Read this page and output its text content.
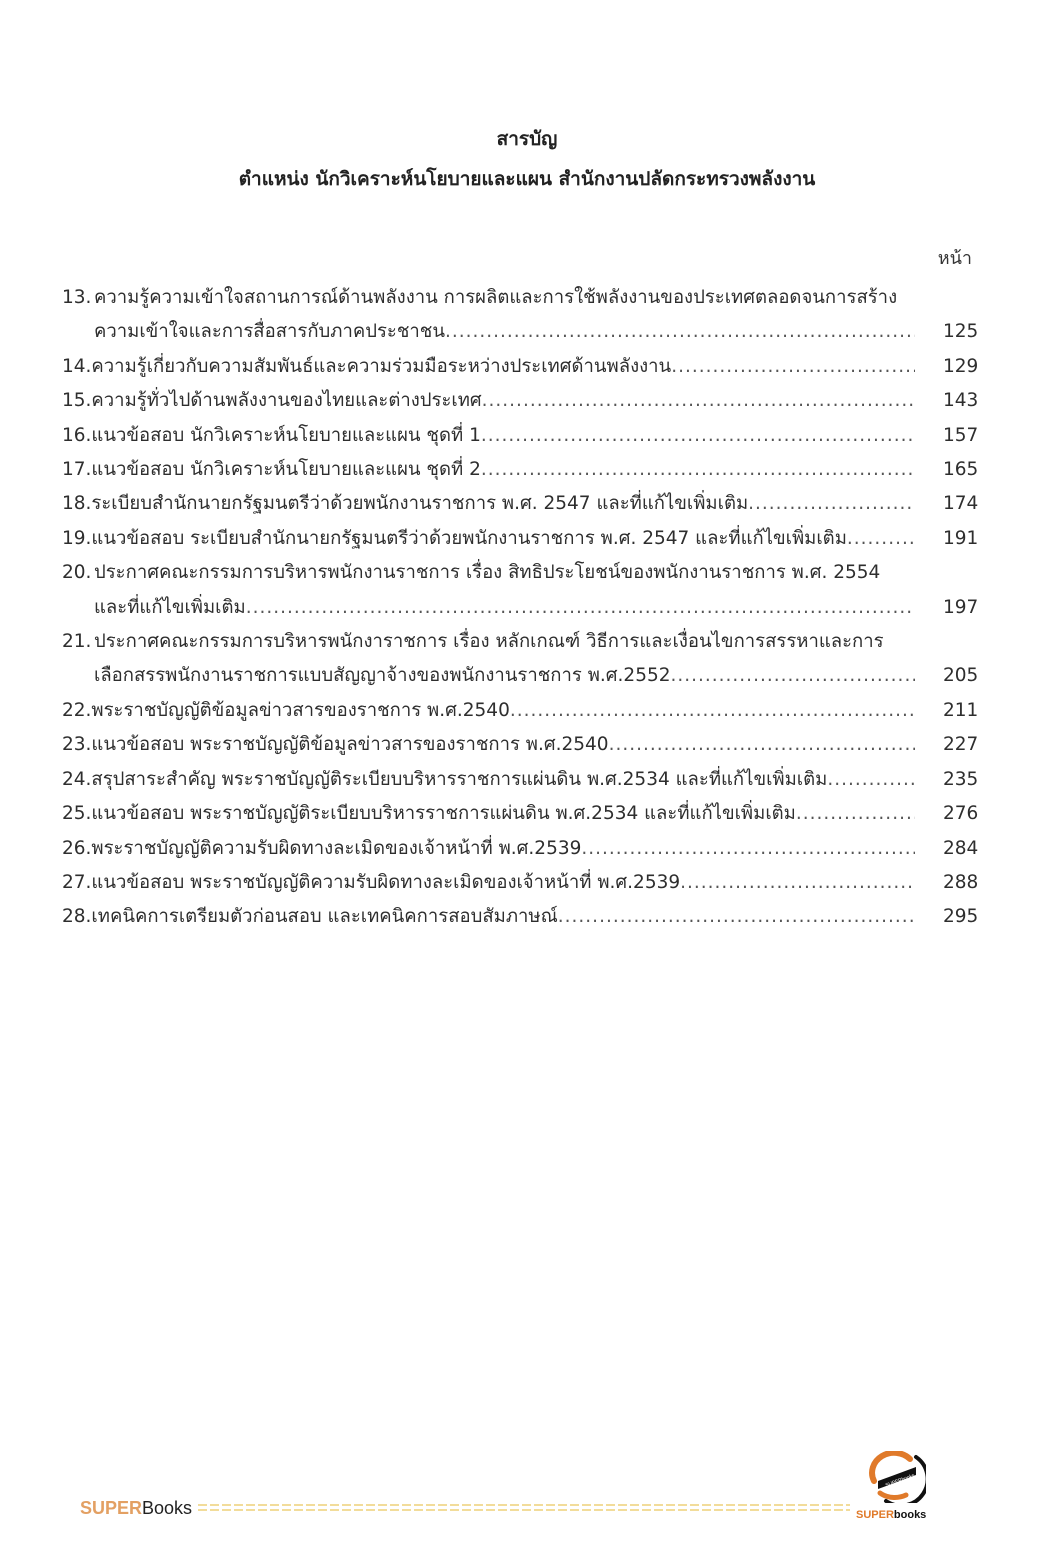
สารบัญ
ตำแหน่ง นักวิเคราะห์นโยบายและแผน สำนักงานปลัดกระทรวงพลังงาน
หน้า
13. ความรู้ความเข้าใจสถานการณ์ด้านพลังงาน การผลิตและการใช้พลังงานของประเทศตลอดจนการสร้าง
ความเข้าใจและการสื่อสารกับภาคประชาชน .....	125
14. ความรู้เกี่ยวกับความสัมพันธ์และความร่วมมือระหว่างประเทศด้านพลังงาน .....	129
15. ความรู้ทั่วไปด้านพลังงานของไทยและต่างประเทศ .....	143
16. แนวข้อสอบ นักวิเคราะห์นโยบายและแผน ชุดที่ 1 .....	157
17. แนวข้อสอบ นักวิเคราะห์นโยบายและแผน ชุดที่ 2 .....	165
18. ระเบียบสำนักนายกรัฐมนตรีว่าด้วยพนักงานราชการ พ.ศ. 2547 และที่แก้ไขเพิ่มเติม .....	174
19. แนวข้อสอบ ระเบียบสำนักนายกรัฐมนตรีว่าด้วยพนักงานราชการ พ.ศ. 2547 และที่แก้ไขเพิ่มเติม .....	191
20. ประกาศคณะกรรมการบริหารพนักงานราชการ เรื่อง สิทธิประโยชน์ของพนักงานราชการ พ.ศ. 2554
และที่แก้ไขเพิ่มเติม .....	197
21. ประกาศคณะกรรมการบริหารพนักงาราชการ เรื่อง หลักเกณฑ์ วิธีการและเงื่อนไขการสรรหาและการ
เลือกสรรพนักงานราชการแบบสัญญาจ้างของพนักงานราชการ พ.ศ.2552 .....	205
22. พระราชบัญญัติข้อมูลข่าวสารของราชการ พ.ศ.2540 .....	211
23. แนวข้อสอบ พระราชบัญญัติข้อมูลข่าวสารของราชการ พ.ศ.2540 .....	227
24. สรุปสาระสำคัญ พระราชบัญญัติระเบียบบริหารราชการแผ่นดิน พ.ศ.2534 และที่แก้ไขเพิ่มเติม .....	235
25. แนวข้อสอบ พระราชบัญญัติระเบียบบริหารราชการแผ่นดิน พ.ศ.2534 และที่แก้ไขเพิ่มเติม .....	276
26. พระราชบัญญัติความรับผิดทางละเมิดของเจ้าหน้าที่ พ.ศ.2539 .....	284
27. แนวข้อสอบ พระราชบัญญัติความรับผิดทางละเมิดของเจ้าหน้าที่ พ.ศ.2539 .....	288
28. เทคนิคการเตรียมตัวก่อนสอบ และเทคนิคการสอบสัมภาษณ์ .....	295
SUPERBooks
SUPERbooks
SUPERbooks
